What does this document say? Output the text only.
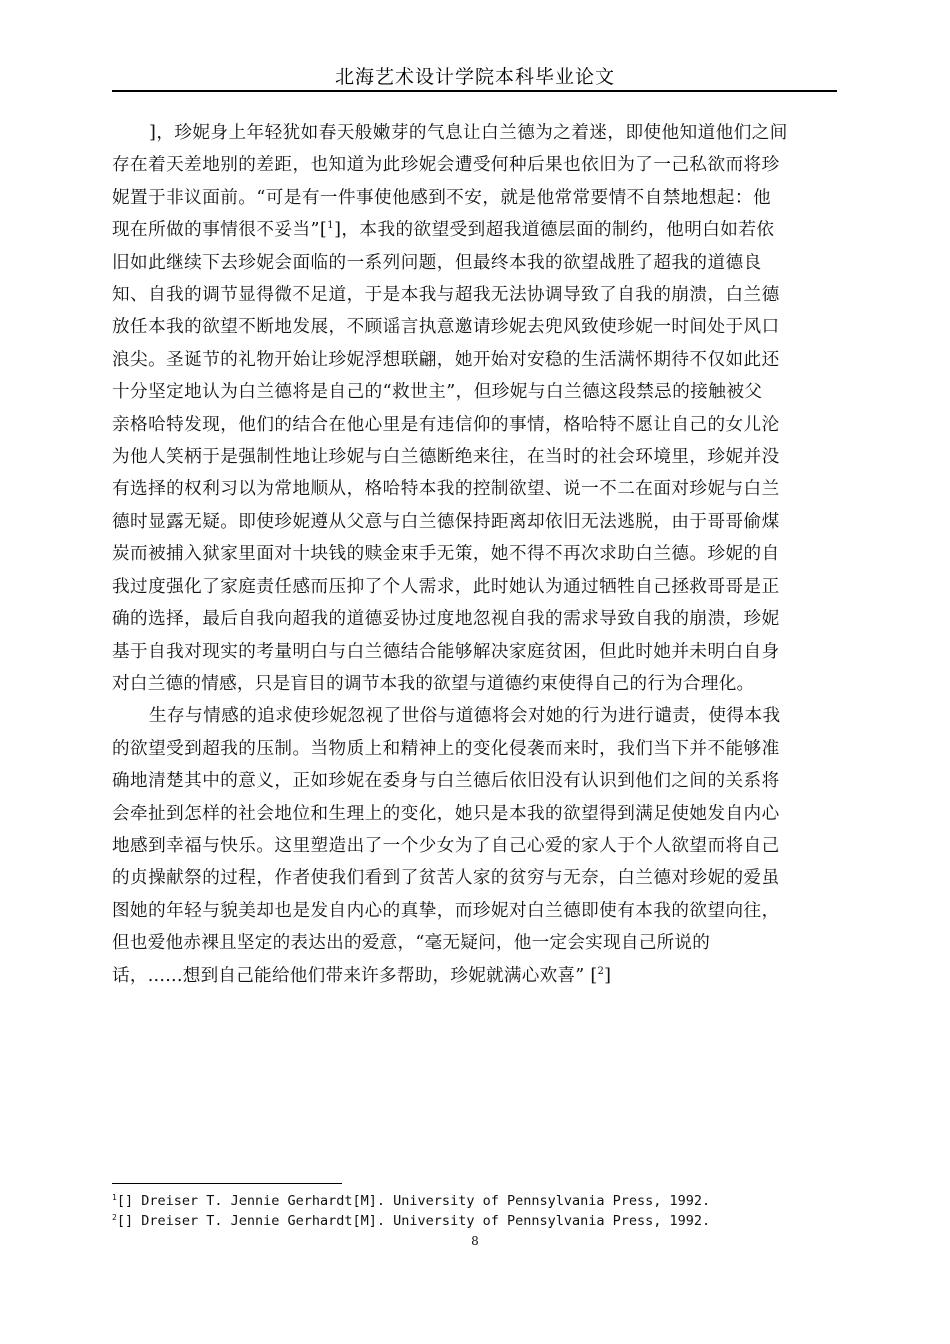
北海艺术设计学院本科毕业论文

]，珍妮身上年轻犹如春天般嫩芽的气息让白兰德为之着迷，即使他知道他们之间
存在着天差地别的差距，也知道为此珍妮会遭受何种后果也依旧为了一己私欲而将珍
妮置于非议面前。“可是有一件事使他感到不安，就是他常常要情不自禁地想起：他
现在所做的事情很不妥当”[$^1$]，本我的欲望受到超我道德层面的制约，他明白如若依
旧如此继续下去珍妮会面临的一系列问题，但最终本我的欲望战胜了超我的道德良
知、自我的调节显得微不足道，于是本我与超我无法协调导致了自我的崩溃，白兰德
放任本我的欲望不断地发展，不顾谣言执意邀请珍妮去兜风致使珍妮一时间处于风口
浪尖。圣诞节的礼物开始让珍妮浮想联翩，她开始对安稳的生活满怀期待不仅如此还
十分坚定地认为白兰德将是自己的“救世主”，但珍妮与白兰德这段禁忌的接触被父
亲格哈特发现，他们的结合在他心里是有违信仰的事情，格哈特不愿让自己的女儿沦
为他人笑柄于是强制性地让珍妮与白兰德断绝来往，在当时的社会环境里，珍妮并没
有选择的权利习以为常地顺从，格哈特本我的控制欲望、说一不二在面对珍妮与白兰
德时显露无疑。即使珍妮遵从父意与白兰德保持距离却依旧无法逃脱，由于哥哥偷煤
炭而被捕入狱家里面对十块钱的赎金束手无策，她不得不再次求助白兰德。珍妮的自
我过度强化了家庭责任感而压抑了个人需求，此时她认为通过牺牲自己拯救哥哥是正
确的选择，最后自我向超我的道德妥协过度地忽视自我的需求导致自我的崩溃，珍妮
基于自我对现实的考量明白与白兰德结合能够解决家庭贫困，但此时她并未明白自身
对白兰德的情感，只是盲目的调节本我的欲望与道德约束使得自己的行为合理化。

生存与情感的追求使珍妮忽视了世俗与道德将会对她的行为进行谴责，使得本我
的欲望受到超我的压制。当物质上和精神上的变化侵袭而来时，我们当下并不能够准
确地清楚其中的意义，正如珍妮在委身与白兰德后依旧没有认识到他们之间的关系将
会牵扯到怎样的社会地位和生理上的变化，她只是本我的欲望得到满足使她发自内心
地感到幸福与快乐。这里塑造出了一个少女为了自己心爱的家人于个人欲望而将自己
的贞操献祭的过程，作者使我们看到了贫苦人家的贫穷与无奈，白兰德对珍妮的爱虽
图她的年轻与貌美却也是发自内心的真挚，而珍妮对白兰德即使有本我的欲望向往，
但也爱他赤裸且坚定的表达出的爱意，“毫无疑问，他一定会实现自己所说的
话，......想到自己能给他们带来许多帮助，珍妮就满心欢喜” [$^2$]

$^1$[] Dreiser T. Jennie Gerhardt[M]. University of Pennsylvania Press, 1992.
$^2$[] Dreiser T. Jennie Gerhardt[M]. University of Pennsylvania Press, 1992.
8
